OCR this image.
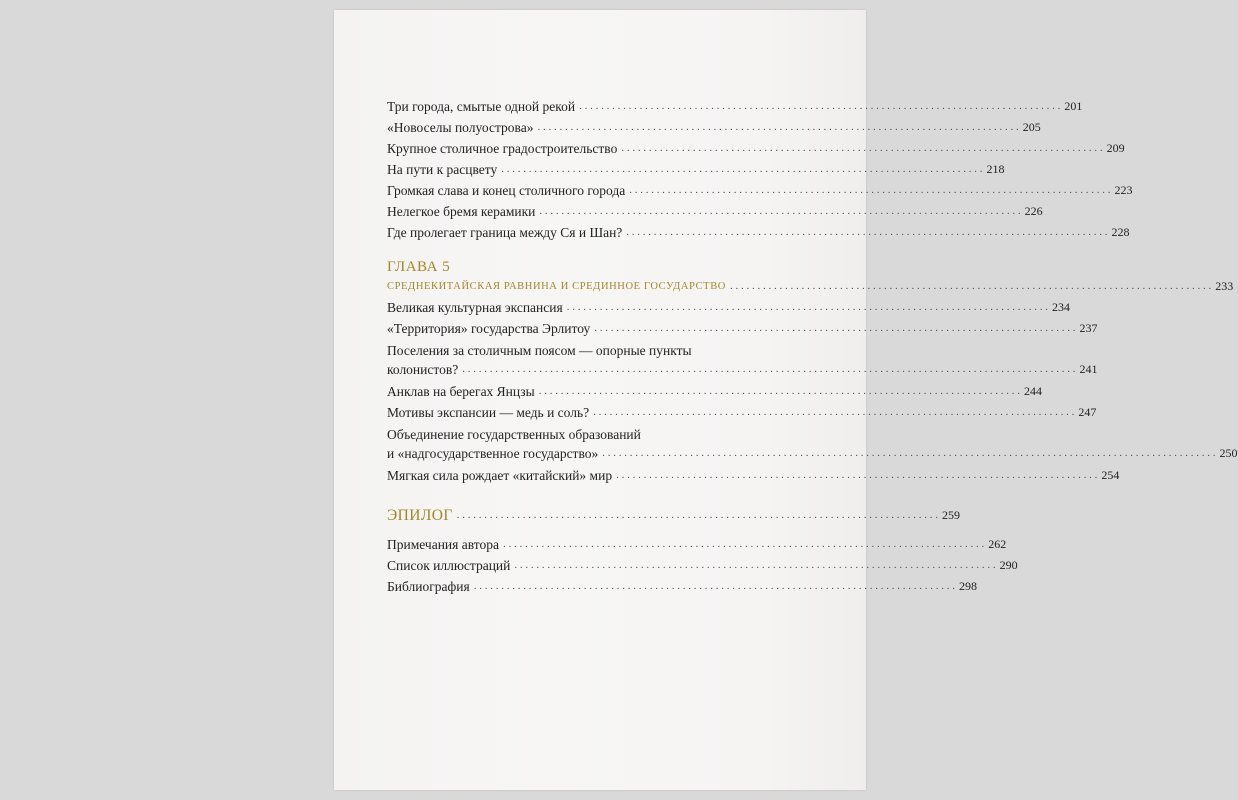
Три города, смытые одной рекой . . .	201
«Новоселы полуострова» . . .	205
Крупное столичное градостроительство . . .	209
На пути к расцвету . . .	218
Громкая слава и конец столичного города . . .	223
Нелегкое бремя керамики . . .	226
Где пролегает граница между Ся и Шан? . . .	228
ГЛАВА 5
СРЕДНЕКИТАЙСКАЯ РАВНИНА И СРЕДИННОЕ ГОСУДАРСТВО . . .	233
Великая культурная экспансия . . .	234
«Территория» государства Эрлитоу . . .	237
Поселения за столичным поясом — опорные пункты
колонистов? . . . . . . . . . . . . . . . . . . . . . . . . . . . . . . . . . . . . . . . . . . . . . . . . . . . . . . . . . . . . . . . . . . . . . . . . . . . . . . . . . . . . . . . . . . . . . . . . . . . . . . . . . . . . . . . . 241
Анклав на берегах Янцзы . . .	244
Мотивы экспансии — медь и соль? . . .	247
Объединение государственных образований
и «надгосударственное государство» . . . . . . . . . . . . . . . . . . . . . . . . . . . . . . . . . . . . . . . . . . . . . . . . . . . . . . . . . . . . . . . . . . . . . . . . . . . . . . . . . . . . . . . . . . . . . . . . . . . . . . . . . . . . . . . . 250
Мягкая сила рождает «китайский» мир . . .	254
ЭПИЛОГ . . .	259
Примечания автора . . .	262
Список иллюстраций . . .	290
Библиография . . .	298
